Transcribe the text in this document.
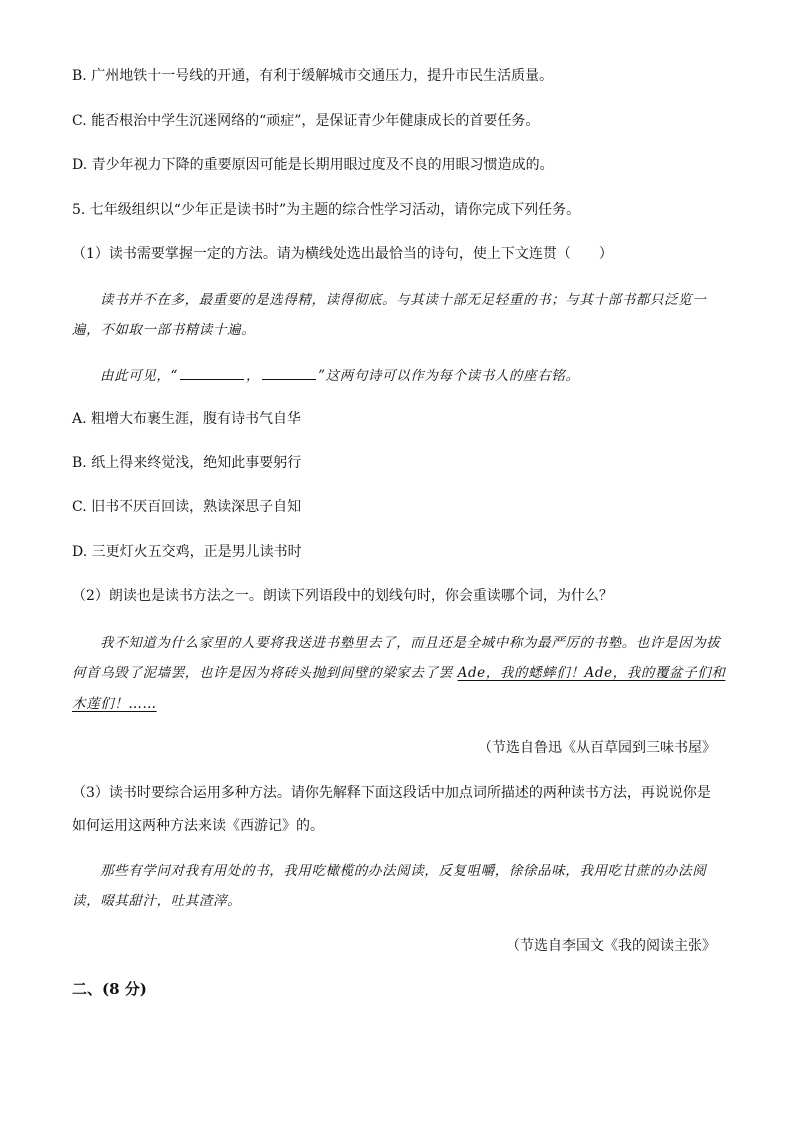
B. 广州地铁十一号线的开通，有利于缓解城市交通压力，提升市民生活质量。
C. 能否根治中学生沉迷网络的“顽症”，是保证青少年健康成长的首要任务。
D. 青少年视力下降的重要原因可能是长期用眼过度及不良的用眼习惯造成的。
5. 七年级组织以“少年正是读书时”为主题的综合性学习活动，请你完成下列任务。
（1）读书需要掌握一定的方法。请为横线处选出最恰当的诗句，使上下文连贯（　　）
读书并不在多，最重要的是选得精，读得彻底。与其读十部无足轻重的书；与其十部书都只泛览一
遍，不如取一部书精读十遍。
由此可见，“	，	”这两句诗可以作为每个读书人的座右铭。
A. 粗增大布裹生涯，腹有诗书气自华
B. 纸上得来终觉浅，绝知此事要躬行
C. 旧书不厌百回读，熟读深思子自知
D. 三更灯火五交鸡，正是男儿读书时
（2）朗读也是读书方法之一。朗读下列语段中的划线句时，你会重读哪个词，为什么？
我不知道为什么家里的人要将我送进书塾里去了，而且还是全城中称为最严厉的书塾。也许是因为拔
何首乌毁了泥墙罢，也许是因为将砖头抛到间壁的梁家去了罢 Ade，我的蟋蟀们！Ade，我的覆盆子们和
木莲们！……
（节选自鲁迅《从百草园到三味书屋》
（3）读书时要综合运用多种方法。请你先解释下面这段话中加点词所描述的两种读书方法，再说说你是
如何运用这两种方法来读《西游记》的。
那些有学问对我有用处的书，我用吃橄榄的办法阅读，反复咀嚼，徐徐品味，我用吃甘蔗的办法阅
读，啜其甜汁，吐其渣滓。
（节选自李国文《我的阅读主张》
二、(8 分)
